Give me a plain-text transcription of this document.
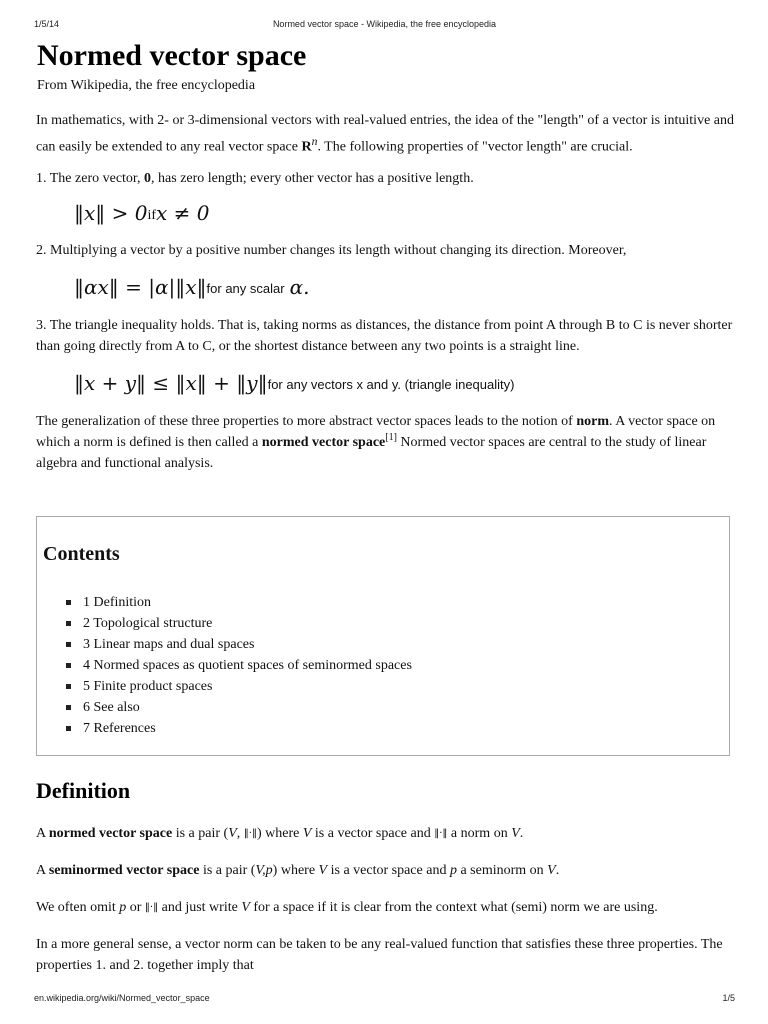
1/5/14	Normed vector space - Wikipedia, the free encyclopedia
Normed vector space
From Wikipedia, the free encyclopedia

In mathematics, with 2- or 3-dimensional vectors with real-valued entries, the idea of the "length" of a vector is intuitive and can easily be extended to any real vector space $R^n$. The following properties of "vector length" are crucial.

1. The zero vector, 0, has zero length; every other vector has a positive length.

‖x‖ > 0ifx ≠ 0

2. Multiplying a vector by a positive number changes its length without changing its direction. Moreover,

‖αx‖ = |α|‖x‖for any scalar α.

3. The triangle inequality holds. That is, taking norms as distances, the distance from point A through B to C is never shorter than going directly from A to C, or the shortest distance between any two points is a straight line.

‖x + y‖ ≤ ‖x‖ + ‖y‖for any vectors x and y. (triangle inequality)

The generalization of these three properties to more abstract vector spaces leads to the notion of norm. A vector space on which a norm is defined is then called a normed vector space[1] Normed vector spaces are central to the study of linear algebra and functional analysis.

Contents
1 Definition
2 Topological structure
3 Linear maps and dual spaces
4 Normed spaces as quotient spaces of seminormed spaces
5 Finite product spaces
6 See also
7 References
Definition

A normed vector space is a pair (V, ‖·‖) where V is a vector space and ‖·‖ a norm on V.

A seminormed vector space is a pair (V,p) where V is a vector space and p a seminorm on V.

We often omit p or ‖·‖ and just write V for a space if it is clear from the context what (semi) norm we are using.

In a more general sense, a vector norm can be taken to be any real-valued function that satisfies these three properties. The properties 1. and 2. together imply that

en.wikipedia.org/wiki/Normed_vector_space	1/5
